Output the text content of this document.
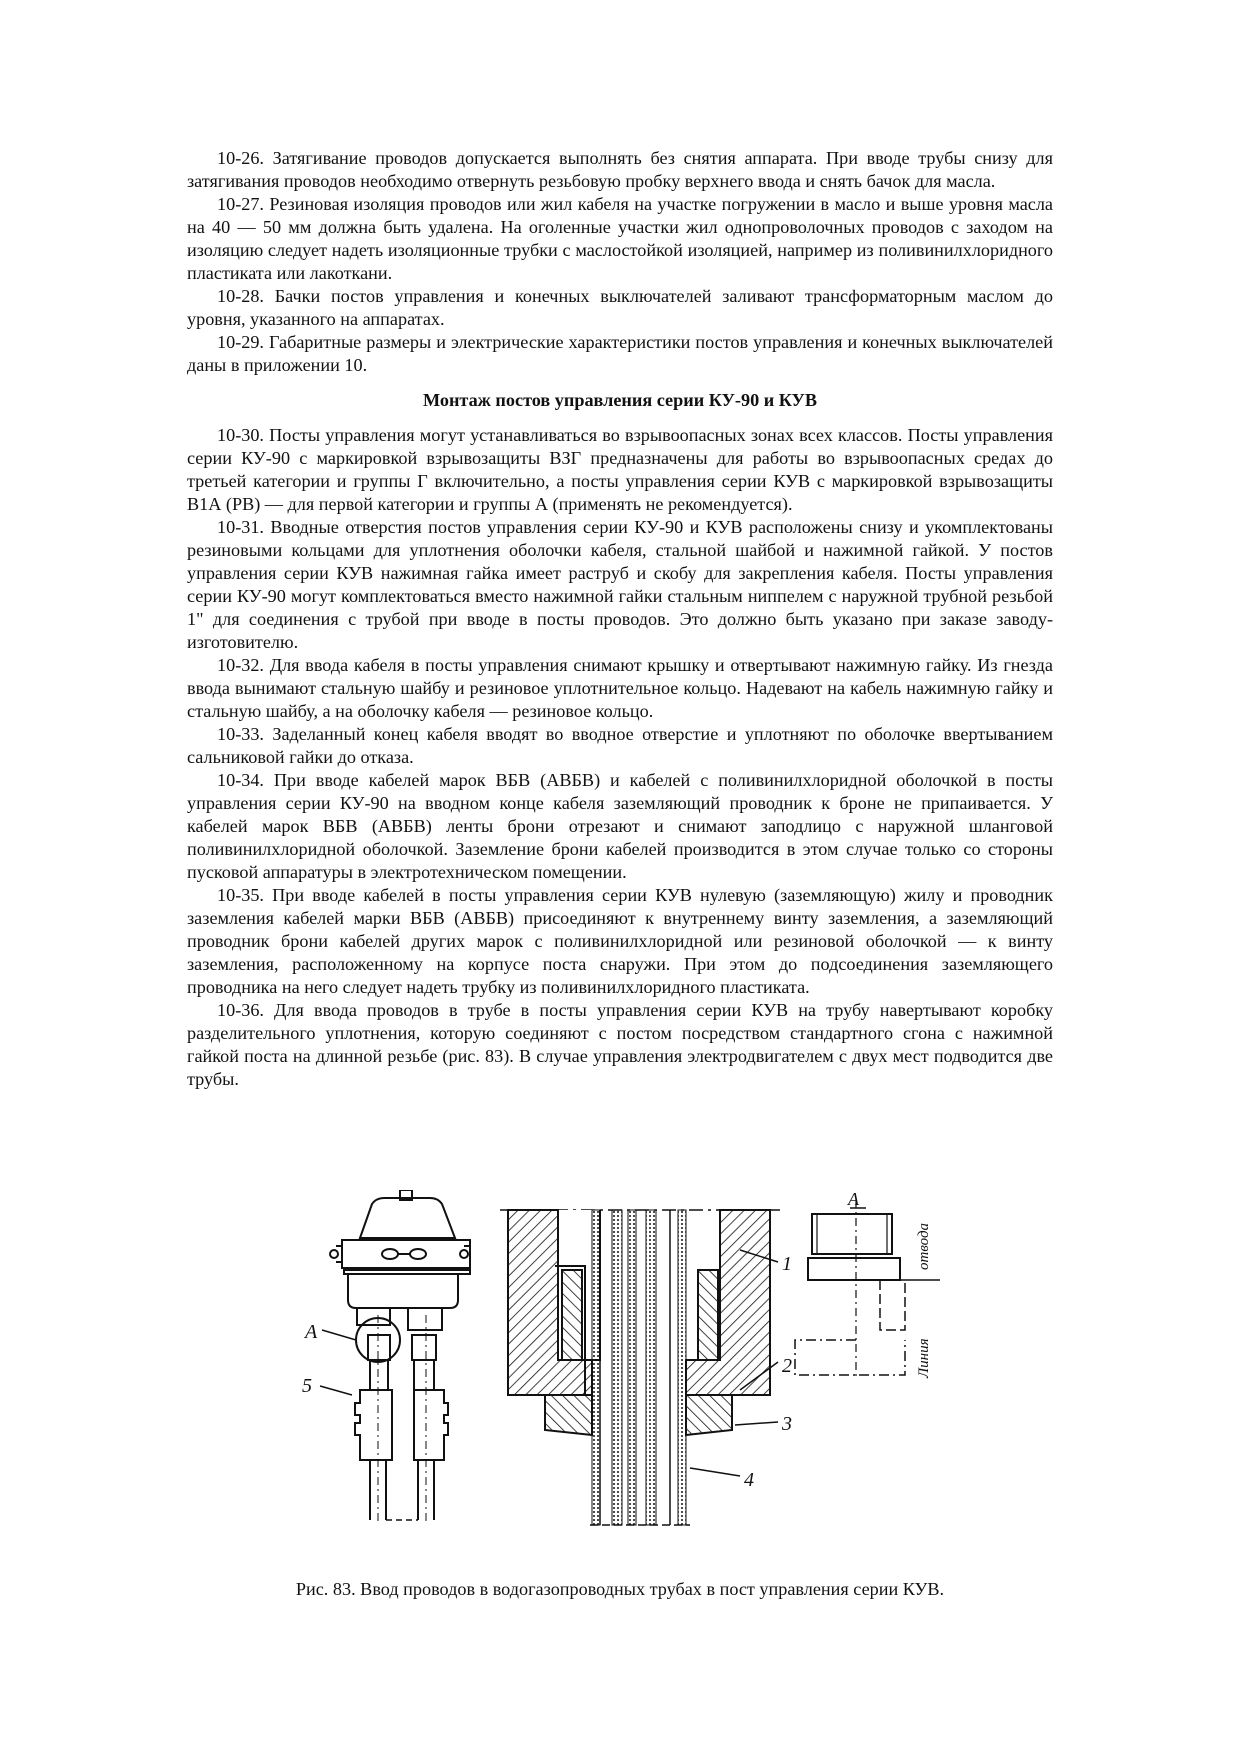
10-26. Затягивание проводов допускается выполнять без снятия аппарата. При вводе трубы снизу для затягивания проводов необходимо отвернуть резьбовую пробку верхнего ввода и снять бачок для масла.

10-27. Резиновая изоляция проводов или жил кабеля на участке погружении в масло и выше уровня масла на 40 — 50 мм должна быть удалена. На оголенные участки жил однопроволочных проводов с заходом на изоляцию следует надеть изоляционные трубки с маслостойкой изоляцией, например из поливинилхлоридного пластиката или лакоткани.

10-28. Бачки постов управления и конечных выключателей заливают трансформаторным маслом до уровня, указанного на аппаратах.

10-29. Габаритные размеры и электрические характеристики постов управления и конечных выключателей даны в приложении 10.

Монтаж постов управления серии КУ-90 и КУВ

10-30. Посты управления могут устанавливаться во взрывоопасных зонах всех классов. Посты управления серии КУ-90 с маркировкой взрывозащиты ВЗГ предназначены для работы во взрывоопасных средах до третьей категории и группы Г включительно, а посты управления серии КУВ с маркировкой взрывозащиты В1А (РВ) — для первой категории и группы А (применять не рекомендуется).

10-31. Вводные отверстия постов управления серии КУ-90 и КУВ расположены снизу и укомплектованы резиновыми кольцами для уплотнения оболочки кабеля, стальной шайбой и нажимной гайкой. У постов управления серии КУВ нажимная гайка имеет раструб и скобу для закрепления кабеля. Посты управления серии КУ-90 могут комплектоваться вместо нажимной гайки стальным ниппелем с наружной трубной резьбой 1" для соединения с трубой при вводе в посты проводов. Это должно быть указано при заказе заводу-изготовителю.

10-32. Для ввода кабеля в посты управления снимают крышку и отвертывают нажимную гайку. Из гнезда ввода вынимают стальную шайбу и резиновое уплотнительное кольцо. Надевают на кабель нажимную гайку и стальную шайбу, а на оболочку кабеля — резиновое кольцо.

10-33. Заделанный конец кабеля вводят во вводное отверстие и уплотняют по оболочке ввертыванием сальниковой гайки до отказа.

10-34. При вводе кабелей марок ВБВ (АВБВ) и кабелей с поливинилхлоридной оболочкой в посты управления серии КУ-90 на вводном конце кабеля заземляющий проводник к броне не припаивается. У кабелей марок ВБВ (АВБВ) ленты брони отрезают и снимают заподлицо с наружной шланговой поливинилхлоридной оболочкой. Заземление брони кабелей производится в этом случае только со стороны пусковой аппаратуры в электротехническом помещении.

10-35. При вводе кабелей в посты управления серии КУВ нулевую (заземляющую) жилу и проводник заземления кабелей марки ВБВ (АВБВ) присоединяют к внутреннему винту заземления, а заземляющий проводник брони кабелей других марок с поливинилхлоридной или резиновой оболочкой — к винту заземления, расположенному на корпусе поста снаружи. При этом до подсоединения заземляющего проводника на него следует надеть трубку из поливинилхлоридного пластиката.

10-36. Для ввода проводов в трубе в посты управления серии КУВ на трубу навертывают коробку разделительного уплотнения, которую соединяют с постом посредством стандартного сгона с нажимной гайкой поста на длинной резьбе (рис. 83). В случае управления электродвигателем с двух мест подводится две трубы.

А
5
1
2
3
4
А
отвода
Линия
Рис. 83. Ввод проводов в водогазопроводных трубах в пост управления серии КУВ.
